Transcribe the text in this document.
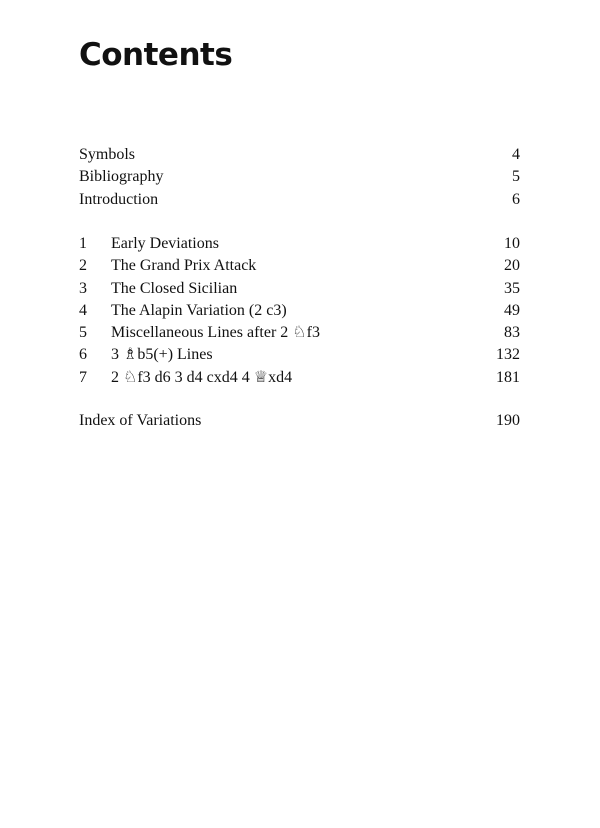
Contents
Symbols	4
Bibliography	5
Introduction	6
1	Early Deviations	10
2	The Grand Prix Attack	20
3	The Closed Sicilian	35
4	The Alapin Variation (2 c3)	49
5	Miscellaneous Lines after 2 ♘f3	83
6	3 ♗b5(+) Lines	132
7	2 ♘f3 d6 3 d4 cxd4 4 ♕xd4	181
Index of Variations	190
